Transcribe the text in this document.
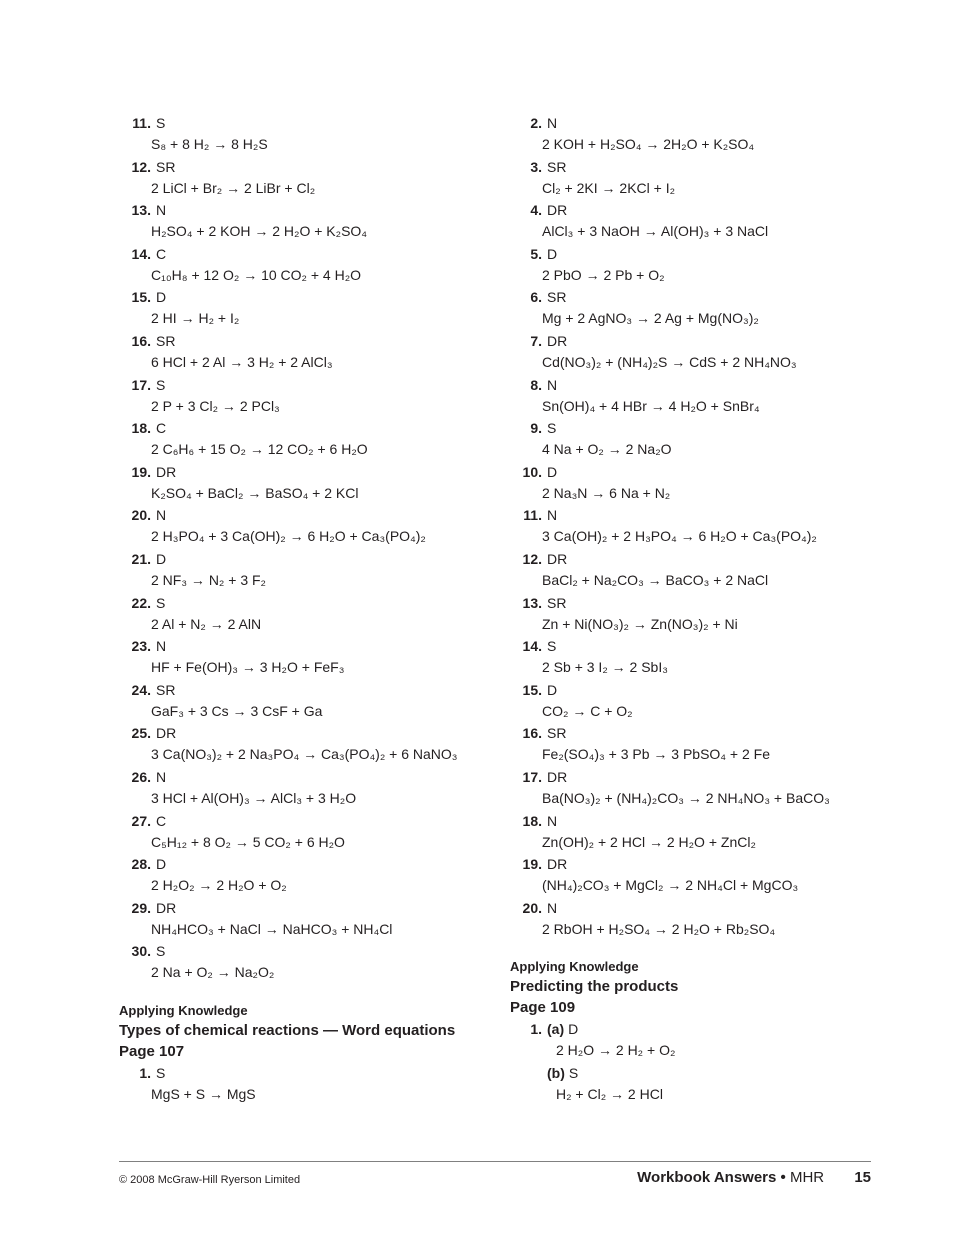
11. S
S₈ + 8 H₂ → 8 H₂S
12. SR
2 LiCl + Br₂ → 2 LiBr + Cl₂
13. N
H₂SO₄ + 2 KOH → 2 H₂O + K₂SO₄
14. C
C₁₀H₈ + 12 O₂ → 10 CO₂ + 4 H₂O
15. D
2 HI → H₂ + I₂
16. SR
6 HCl + 2 Al → 3 H₂ + 2 AlCl₃
17. S
2 P + 3 Cl₂ → 2 PCl₃
18. C
2 C₆H₆ + 15 O₂ → 12 CO₂ + 6 H₂O
19. DR
K₂SO₄ + BaCl₂ → BaSO₄ + 2 KCl
20. N
2 H₃PO₄ + 3 Ca(OH)₂ → 6 H₂O + Ca₃(PO₄)₂
21. D
2 NF₃ → N₂ + 3 F₂
22. S
2 Al + N₂ → 2 AlN
23. N
HF + Fe(OH)₃ → 3 H₂O + FeF₃
24. SR
GaF₃ + 3 Cs → 3 CsF + Ga
25. DR
3 Ca(NO₃)₂ + 2 Na₃PO₄ → Ca₃(PO₄)₂ + 6 NaNO₃
26. N
3 HCl + Al(OH)₃ → AlCl₃ + 3 H₂O
27. C
C₅H₁₂ + 8 O₂ → 5 CO₂ + 6 H₂O
28. D
2 H₂O₂ → 2 H₂O + O₂
29. DR
NH₄HCO₃ + NaCl → NaHCO₃ + NH₄Cl
30. S
2 Na + O₂ → Na₂O₂
Applying Knowledge
Types of chemical reactions — Word equations
Page 107
1. S
MgS + S → MgS
2. N
2 KOH + H₂SO₄ → 2H₂O + K₂SO₄
3. SR
Cl₂ + 2KI → 2KCl + I₂
4. DR
AlCl₃ + 3 NaOH → Al(OH)₃ + 3 NaCl
5. D
2 PbO → 2 Pb + O₂
6. SR
Mg + 2 AgNO₃ → 2 Ag + Mg(NO₃)₂
7. DR
Cd(NO₃)₂ + (NH₄)₂S → CdS + 2 NH₄NO₃
8. N
Sn(OH)₄ + 4 HBr → 4 H₂O + SnBr₄
9. S
4 Na + O₂ → 2 Na₂O
10. D
2 Na₃N → 6 Na + N₂
11. N
3 Ca(OH)₂ + 2 H₃PO₄ → 6 H₂O + Ca₃(PO₄)₂
12. DR
BaCl₂ + Na₂CO₃ → BaCO₃ + 2 NaCl
13. SR
Zn + Ni(NO₃)₂ → Zn(NO₃)₂ + Ni
14. S
2 Sb + 3 I₂ → 2 SbI₃
15. D
CO₂ → C + O₂
16. SR
Fe₂(SO₄)₃ + 3 Pb → 3 PbSO₄ + 2 Fe
17. DR
Ba(NO₃)₂ + (NH₄)₂CO₃ → 2 NH₄NO₃ + BaCO₃
18. N
Zn(OH)₂ + 2 HCl → 2 H₂O + ZnCl₂
19. DR
(NH₄)₂CO₃ + MgCl₂ → 2 NH₄Cl + MgCO₃
20. N
2 RbOH + H₂SO₄ → 2 H₂O + Rb₂SO₄
Applying Knowledge
Predicting the products
Page 109
1. (a) D
2 H₂O → 2 H₂ + O₂
(b) S
H₂ + Cl₂ → 2 HCl
© 2008 McGraw-Hill Ryerson Limited	Workbook Answers • MHR 15
